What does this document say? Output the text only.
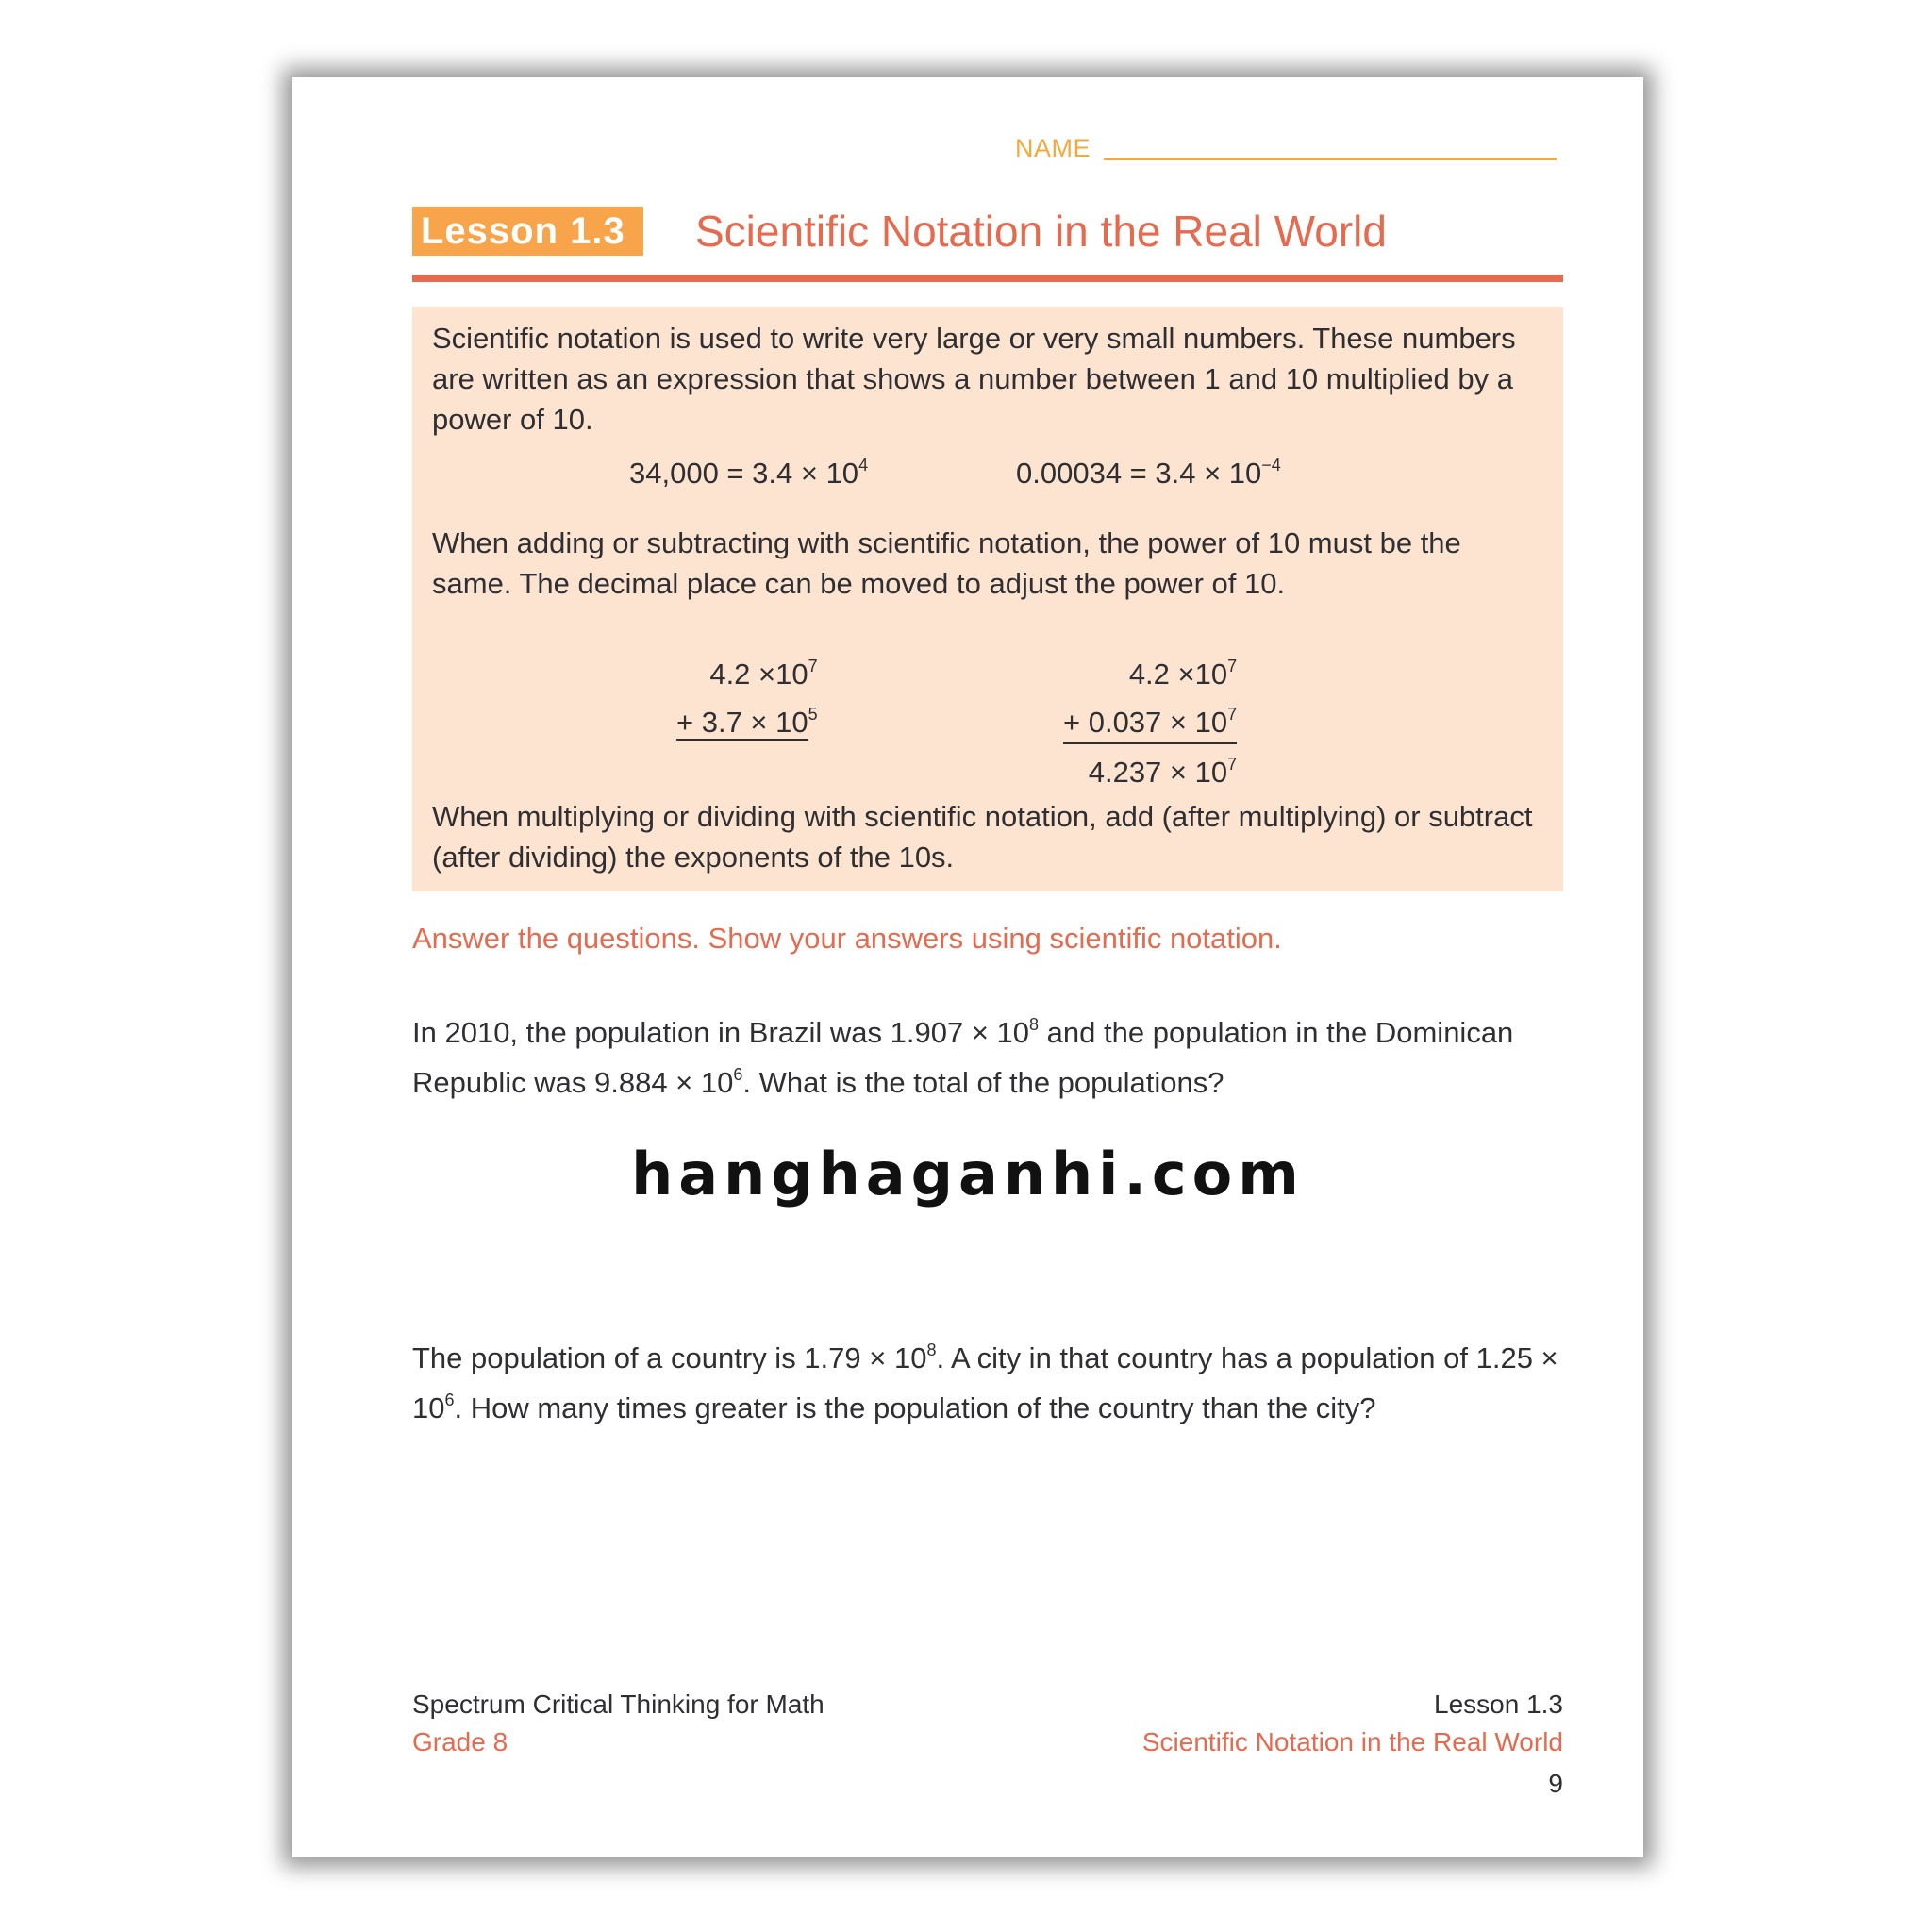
NAME
Lesson 1.3	Scientific Notation in the Real World
Scientific notation is used to write very large or very small numbers. These numbers are written as an expression that shows a number between 1 and 10 multiplied by a power of 10.
$34,000 = 3.4 \times 10^4$	$0.00034 = 3.4 \times 10^{-4}$
When adding or subtracting with scientific notation, the power of 10 must be the same. The decimal place can be moved to adjust the power of 10.
$4.2 \times 10^7$
+ $3.7 \times 10^5$
$4.2 \times 10^7$
+ $0.037 \times 10^7$
$4.237 \times 10^7$
When multiplying or dividing with scientific notation, add (after multiplying) or subtract (after dividing) the exponents of the 10s.
Answer the questions. Show your answers using scientific notation.
In 2010, the population in Brazil was $1.907 \times 10^8$ and the population in the Dominican Republic was $9.884 \times 10^6$. What is the total of the populations?
hanghaganhi.com
The population of a country is $1.79 \times 10^8$. A city in that country has a population of $1.25 \times 10^6$. How many times greater is the population of the country than the city?
Spectrum Critical Thinking for Math
Grade 8
Lesson 1.3
Scientific Notation in the Real World
9
